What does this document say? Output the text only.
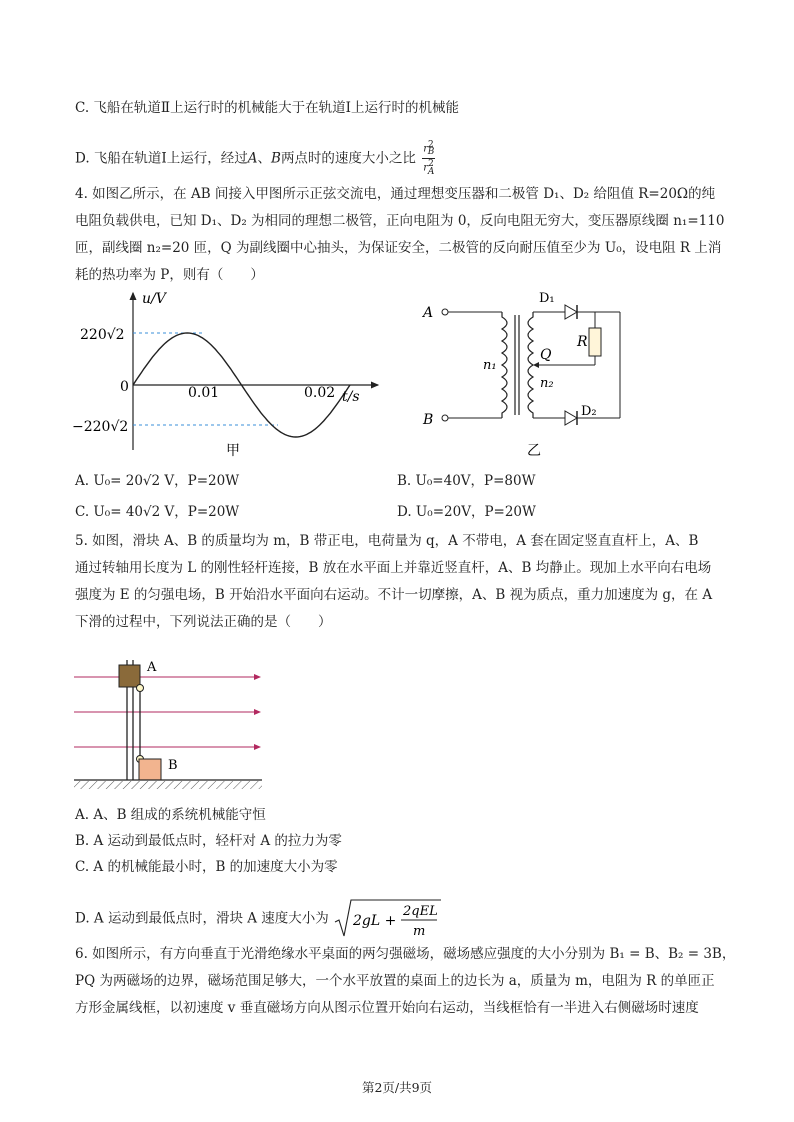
C. 飞船在轨道Ⅱ上运行时的机械能大于在轨道Ⅰ上运行时的机械能
D. 飞船在轨道Ⅰ上运行，经过A、B两点时的速度大小之比 $\frac{r^2_B}{r^2_A}$
4. 如图乙所示，在 AB 间接入甲图所示正弦交流电，通过理想变压器和二极管 D₁、D₂ 给阻值 R=20Ω的纯
电阻负载供电，已知 D₁、D₂ 为相同的理想二极管，正向电阻为 0，反向电阻无穷大，变压器原线圈 n₁=110
匝，副线圈 n₂=20 匝，Q 为副线圈中心抽头，为保证安全，二极管的反向耐压值至少为 U₀，设电阻 R 上消
耗的热功率为 P，则有（　　）
u/V
t/s
0	0.01	0.02
220√2
−220√2
甲
A
B
D₁
D₂
R
Q
n₁
n₂
乙
A. U₀= 20√2 V，P=20W	B. U₀=40V，P=80W
C. U₀= 40√2 V，P=20W	D. U₀=20V，P=20W
5. 如图，滑块 A、B 的质量均为 m，B 带正电，电荷量为 q，A 不带电，A 套在固定竖直直杆上，A、B
通过转轴用长度为 L 的刚性轻杆连接，B 放在水平面上并靠近竖直杆，A、B 均静止。现加上水平向右电场
强度为 E 的匀强电场，B 开始沿水平面向右运动。不计一切摩擦，A、B 视为质点，重力加速度为 g，在 A
下滑的过程中，下列说法正确的是（　　）
A
B
A. A、B 组成的系统机械能守恒
B. A 运动到最低点时，轻杆对 A 的拉力为零
C. A 的机械能最小时，B 的加速度大小为零
D. A 运动到最低点时，滑块 A 速度大小为 2gL +
2qEL
m
6. 如图所示，有方向垂直于光滑绝缘水平桌面的两匀强磁场，磁场感应强度的大小分别为 B₁ = B、B₂ = 3B，
PQ 为两磁场的边界，磁场范围足够大，一个水平放置的桌面上的边长为 a，质量为 m，电阻为 R 的单匝正
方形金属线框，以初速度 v 垂直磁场方向从图示位置开始向右运动，当线框恰有一半进入右侧磁场时速度
第2页/共9页
